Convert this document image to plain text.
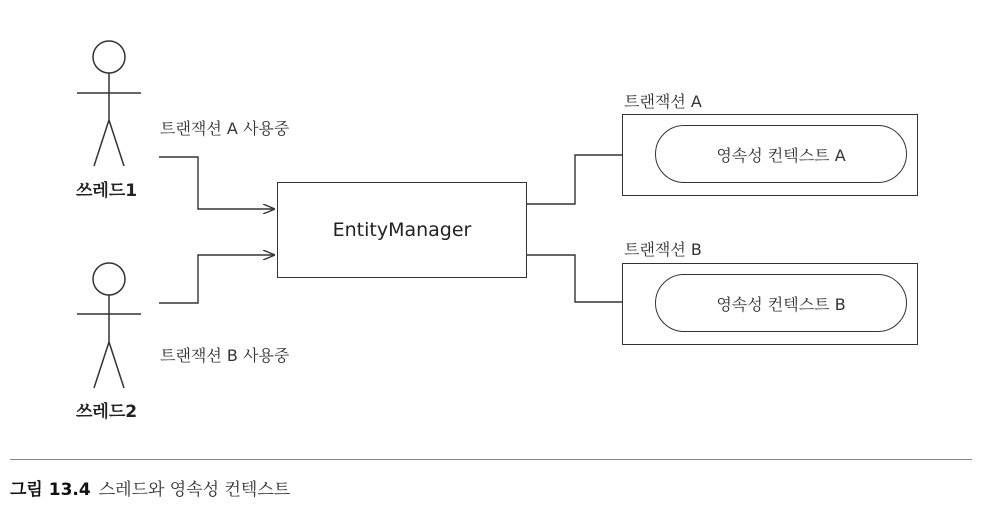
쓰레드1
쓰레드2
트랜잭션 A 사용중
트랜잭션 B 사용중
EntityManager
트랜잭션 A
영속성 컨텍스트 A
트랜잭션 B
영속성 컨텍스트 B
그림 13.4 스레드와 영속성 컨텍스트
